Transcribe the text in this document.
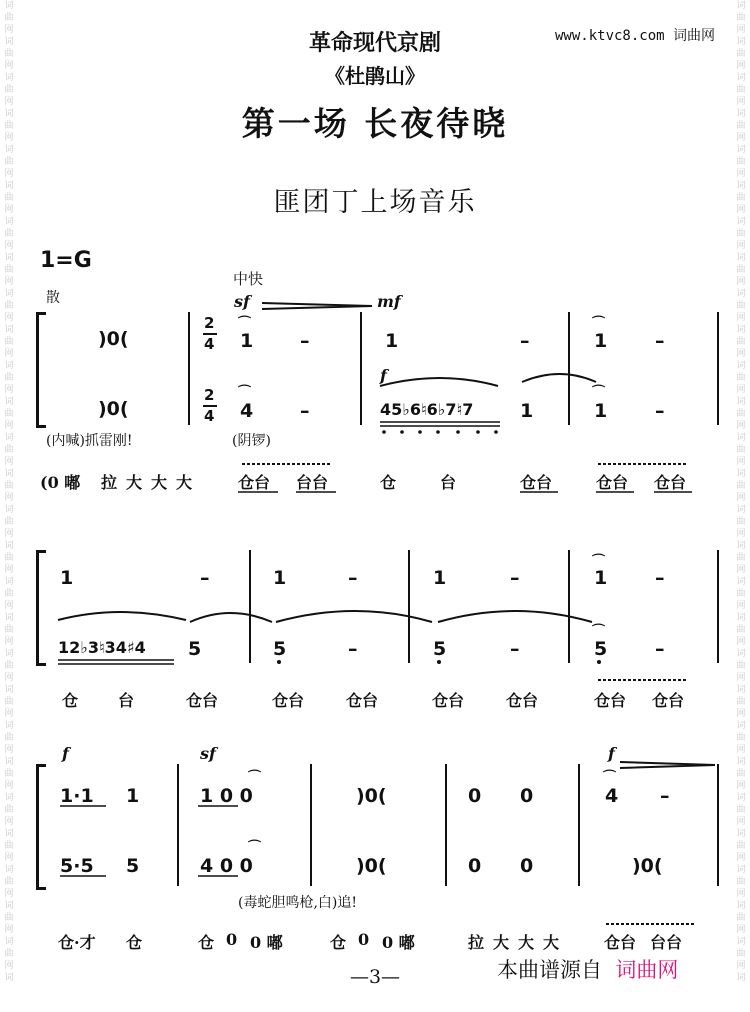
词
曲
网
词
曲
网
词
曲
网
词
曲
网
词
曲
网
词
曲
网
词
曲
网
词
曲
网
词
曲
网
词
曲
网
词
曲
网
词
曲
网
词
曲
网
词
曲
网
词
曲
网
词
曲
网
词
曲
网
词
曲
网
词
曲
网
词
曲
网
词
曲
网
词
曲
网
词
曲
网
词
曲
网
词
曲
网
词
曲
网
词
曲
网
词
词
曲
网
词
曲
网
词
曲
网
词
曲
网
词
曲
网
词
曲
网
词
曲
网
词
曲
网
词
曲
网
词
曲
网
词
曲
网
词
曲
网
词
曲
网
词
曲
网
词
曲
网
词
曲
网
词
曲
网
词
曲
网
词
曲
网
词
曲
网
词
曲
网
词
曲
网
词
曲
网
词
曲
网
词
曲
网
词
曲
网
词
曲
网
词
革命现代京剧
《杜鹃山》
第一场 长夜待晓
匪团丁上场音乐
www.ktvc8.com 词曲网
1=G
中快
散	sf	mf
f
)0(
2
4
⌒
1 –	1	–
⌒
1	–
)0(
2
4
⌒
4 –	45♭6♮6♭7♮7 1
⌒
1	–
(内喊)抓雷刚!	(阴锣)
(0 嘟 拉 大 大 大	仓台 台台	仓	台	仓台	仓台 仓台
1	–	1	–	1	–
⌒
1	–
12♭3♮34♯4 5	5	–	5	–
⌒
5	–
仓 台	仓台	仓台	仓台	仓台	仓台	仓台 仓台
f	sf	f
1·1 1
⌒
1 0 0	)0(	0 0
⌒
4 –
5·5 5
⌒
4 0 0	)0(	0 0	)0(
(毒蛇胆鸣枪,白)追!
仓·才 仓	仓 0 0 嘟	仓 0 0 嘟	拉 大 大 大	仓台 台台
—3—	本曲谱源自 词曲网
